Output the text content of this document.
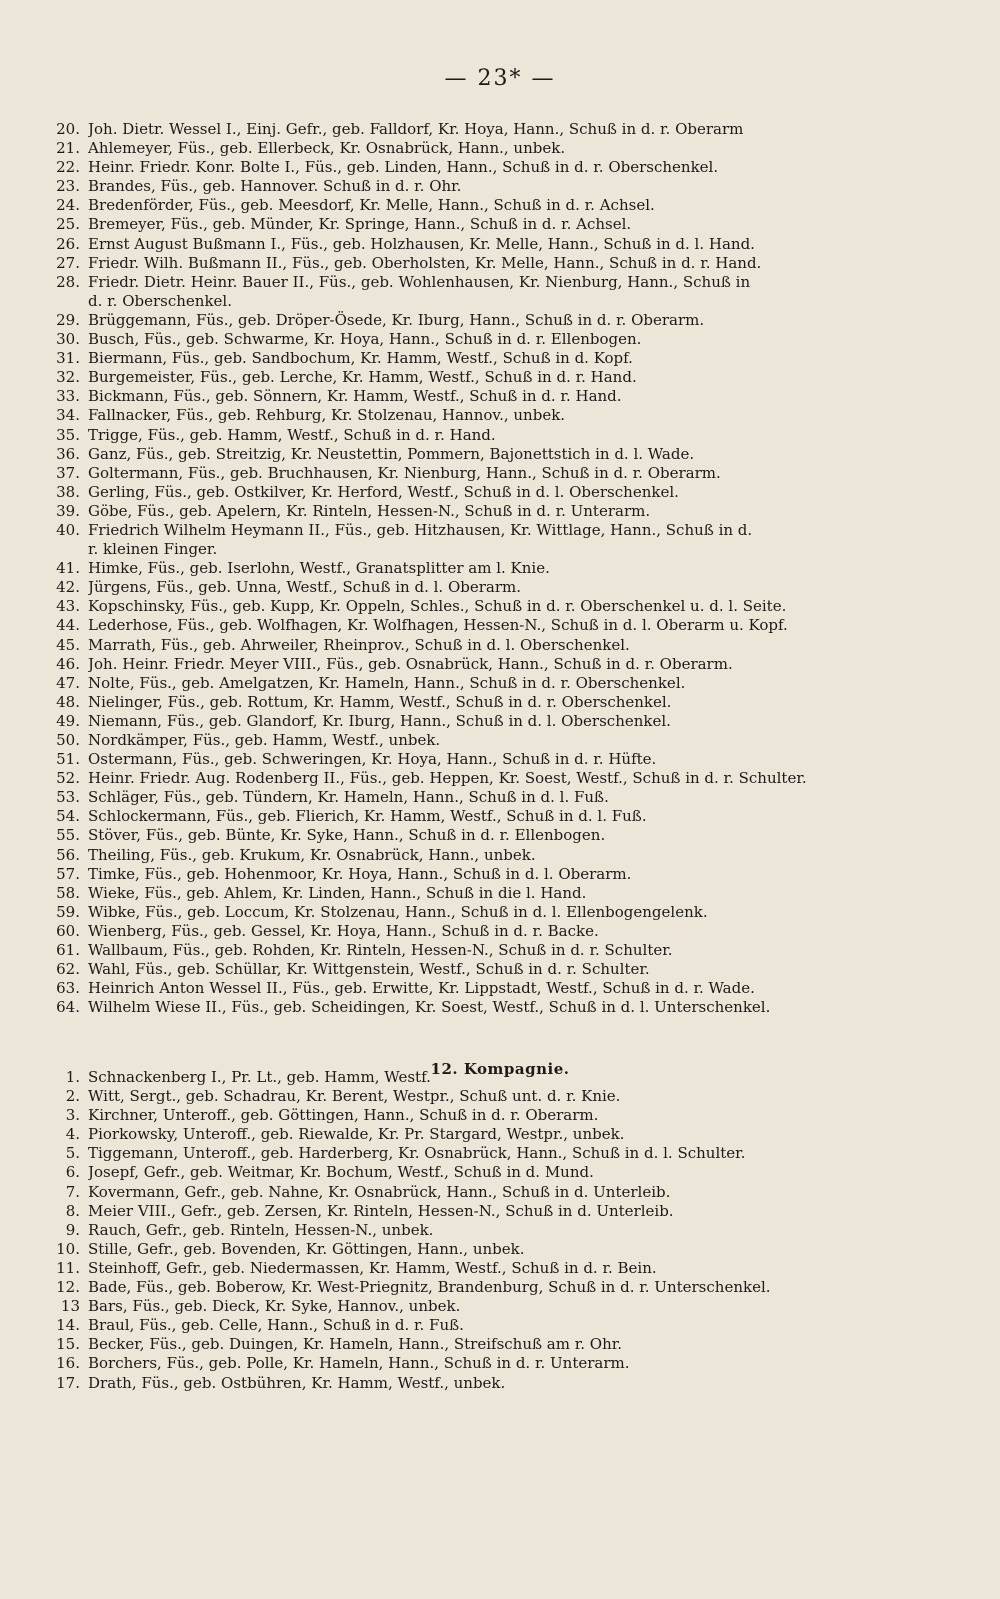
— 23* —
20. Joh. Dietr. Wessel I., Einj. Gefr., geb. Falldorf, Kr. Hoya, Hann., Schuß in d. r. Oberarm
21. Ahlemeyer, Füs., geb. Ellerbeck, Kr. Osnabrück, Hann., unbek.
22. Heinr. Friedr. Konr. Bolte I., Füs., geb. Linden, Hann., Schuß in d. r. Oberschenkel.
23. Brandes, Füs., geb. Hannover. Schuß in d. r. Ohr.
24. Bredenförder, Füs., geb. Meesdorf, Kr. Melle, Hann., Schuß in d. r. Achsel.
25. Bremeyer, Füs., geb. Münder, Kr. Springe, Hann., Schuß in d. r. Achsel.
26. Ernst August Bußmann I., Füs., geb. Holzhausen, Kr. Melle, Hann., Schuß in d. l. Hand.
27. Friedr. Wilh. Bußmann II., Füs., geb. Oberholsten, Kr. Melle, Hann., Schuß in d. r. Hand.
28. Friedr. Dietr. Heinr. Bauer II., Füs., geb. Wohlenhausen, Kr. Nienburg, Hann., Schuß in
d. r. Oberschenkel.
29. Brüggemann, Füs., geb. Dröper-Ösede, Kr. Iburg, Hann., Schuß in d. r. Oberarm.
30. Busch, Füs., geb. Schwarme, Kr. Hoya, Hann., Schuß in d. r. Ellenbogen.
31. Biermann, Füs., geb. Sandbochum, Kr. Hamm, Westf., Schuß in d. Kopf.
32. Burgemeister, Füs., geb. Lerche, Kr. Hamm, Westf., Schuß in d. r. Hand.
33. Bickmann, Füs., geb. Sönnern, Kr. Hamm, Westf., Schuß in d. r. Hand.
34. Fallnacker, Füs., geb. Rehburg, Kr. Stolzenau, Hannov., unbek.
35. Trigge, Füs., geb. Hamm, Westf., Schuß in d. r. Hand.
36. Ganz, Füs., geb. Streitzig, Kr. Neustettin, Pommern, Bajonettstich in d. l. Wade.
37. Goltermann, Füs., geb. Bruchhausen, Kr. Nienburg, Hann., Schuß in d. r. Oberarm.
38. Gerling, Füs., geb. Ostkilver, Kr. Herford, Westf., Schuß in d. l. Oberschenkel.
39. Göbe, Füs., geb. Apelern, Kr. Rinteln, Hessen-N., Schuß in d. r. Unterarm.
40. Friedrich Wilhelm Heymann II., Füs., geb. Hitzhausen, Kr. Wittlage, Hann., Schuß in d.
r. kleinen Finger.
41. Himke, Füs., geb. Iserlohn, Westf., Granatsplitter am l. Knie.
42. Jürgens, Füs., geb. Unna, Westf., Schuß in d. l. Oberarm.
43. Kopschinsky, Füs., geb. Kupp, Kr. Oppeln, Schles., Schuß in d. r. Oberschenkel u. d. l. Seite.
44. Lederhose, Füs., geb. Wolfhagen, Kr. Wolfhagen, Hessen-N., Schuß in d. l. Oberarm u. Kopf.
45. Marrath, Füs., geb. Ahrweiler, Rheinprov., Schuß in d. l. Oberschenkel.
46. Joh. Heinr. Friedr. Meyer VIII., Füs., geb. Osnabrück, Hann., Schuß in d. r. Oberarm.
47. Nolte, Füs., geb. Amelgatzen, Kr. Hameln, Hann., Schuß in d. r. Oberschenkel.
48. Nielinger, Füs., geb. Rottum, Kr. Hamm, Westf., Schuß in d. r. Oberschenkel.
49. Niemann, Füs., geb. Glandorf, Kr. Iburg, Hann., Schuß in d. l. Oberschenkel.
50. Nordkämper, Füs., geb. Hamm, Westf., unbek.
51. Ostermann, Füs., geb. Schweringen, Kr. Hoya, Hann., Schuß in d. r. Hüfte.
52. Heinr. Friedr. Aug. Rodenberg II., Füs., geb. Heppen, Kr. Soest, Westf., Schuß in d. r. Schulter.
53. Schläger, Füs., geb. Tündern, Kr. Hameln, Hann., Schuß in d. l. Fuß.
54. Schlockermann, Füs., geb. Flierich, Kr. Hamm, Westf., Schuß in d. l. Fuß.
55. Stöver, Füs., geb. Bünte, Kr. Syke, Hann., Schuß in d. r. Ellenbogen.
56. Theiling, Füs., geb. Krukum, Kr. Osnabrück, Hann., unbek.
57. Timke, Füs., geb. Hohenmoor, Kr. Hoya, Hann., Schuß in d. l. Oberarm.
58. Wieke, Füs., geb. Ahlem, Kr. Linden, Hann., Schuß in die l. Hand.
59. Wibke, Füs., geb. Loccum, Kr. Stolzenau, Hann., Schuß in d. l. Ellenbogengelenk.
60. Wienberg, Füs., geb. Gessel, Kr. Hoya, Hann., Schuß in d. r. Backe.
61. Wallbaum, Füs., geb. Rohden, Kr. Rinteln, Hessen-N., Schuß in d. r. Schulter.
62. Wahl, Füs., geb. Schüllar, Kr. Wittgenstein, Westf., Schuß in d. r. Schulter.
63. Heinrich Anton Wessel II., Füs., geb. Erwitte, Kr. Lippstadt, Westf., Schuß in d. r. Wade.
64. Wilhelm Wiese II., Füs., geb. Scheidingen, Kr. Soest, Westf., Schuß in d. l. Unterschenkel.
12. Kompagnie.
1. Schnackenberg I., Pr. Lt., geb. Hamm, Westf.
2. Witt, Sergt., geb. Schadrau, Kr. Berent, Westpr., Schuß unt. d. r. Knie.
3. Kirchner, Unteroff., geb. Göttingen, Hann., Schuß in d. r. Oberarm.
4. Piorkowsky, Unteroff., geb. Riewalde, Kr. Pr. Stargard, Westpr., unbek.
5. Tiggemann, Unteroff., geb. Harderberg, Kr. Osnabrück, Hann., Schuß in d. l. Schulter.
6. Josepf, Gefr., geb. Weitmar, Kr. Bochum, Westf., Schuß in d. Mund.
7. Kovermann, Gefr., geb. Nahne, Kr. Osnabrück, Hann., Schuß in d. Unterleib.
8. Meier VIII., Gefr., geb. Zersen, Kr. Rinteln, Hessen-N., Schuß in d. Unterleib.
9. Rauch, Gefr., geb. Rinteln, Hessen-N., unbek.
10. Stille, Gefr., geb. Bovenden, Kr. Göttingen, Hann., unbek.
11. Steinhoff, Gefr., geb. Niedermassen, Kr. Hamm, Westf., Schuß in d. r. Bein.
12. Bade, Füs., geb. Boberow, Kr. West-Priegnitz, Brandenburg, Schuß in d. r. Unterschenkel.
13 Bars, Füs., geb. Dieck, Kr. Syke, Hannov., unbek.
14. Braul, Füs., geb. Celle, Hann., Schuß in d. r. Fuß.
15. Becker, Füs., geb. Duingen, Kr. Hameln, Hann., Streifschuß am r. Ohr.
16. Borchers, Füs., geb. Polle, Kr. Hameln, Hann., Schuß in d. r. Unterarm.
17. Drath, Füs., geb. Ostbühren, Kr. Hamm, Westf., unbek.
